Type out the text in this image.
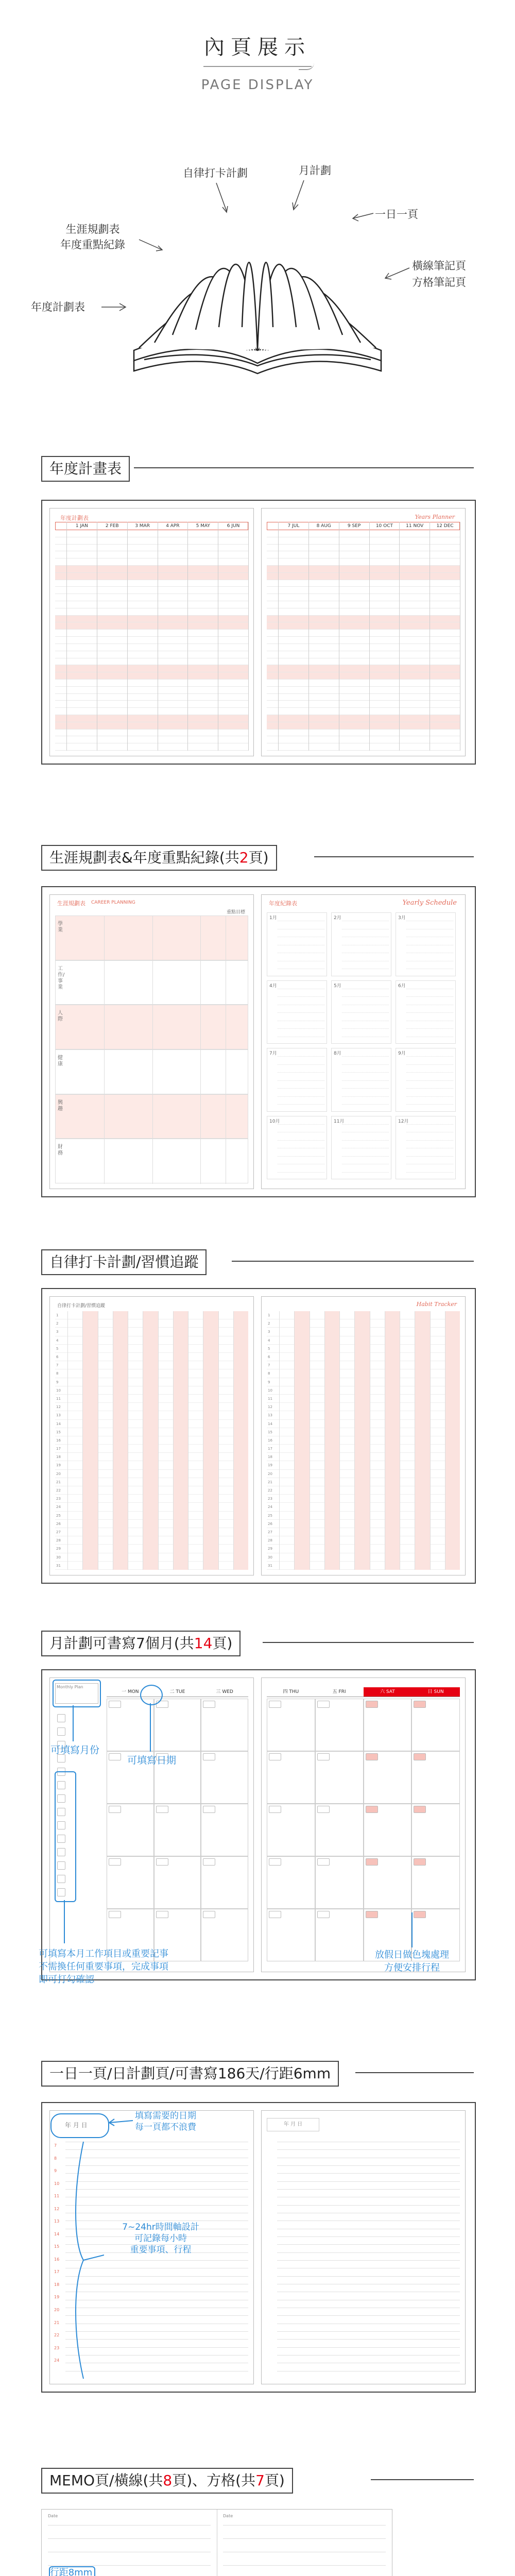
內頁展示
PAGE DISPLAY
自律打卡計劃	月計劃
生涯規劃表
年度重點紀錄
一日一頁
橫線筆記頁
方格筆記頁
年度計劃表
年度計畫表
年度計劃表
1 JAN	2 FEB	3 MAR	4 APR	5 MAY	6 JUN
Years Planner
7 JUL	8 AUG	9 SEP	10 OCT	11 NOV	12 DEC
生涯規劃表&年度重點紀錄(共2頁)
生涯規劃表 CAREER PLANNING
重點目標
學業
工作/事業
人際
健康
興趣
財務
年度紀錄表	Yearly Schedule
1月	2月	3月
4月	5月	6月
7月	8月	9月
10月	11月	12月
自律打卡計劃/習慣追蹤
自律打卡計劃/習慣追蹤
1
2
3
4
5
6
7
8
9
10
11
12
13
14
15
16
17
18
19
20
21
22
23
24
25
26
27
28
29
30
31
Habit Tracker
1
2
3
4
5
6
7
8
9
10
11
12
13
14
15
16
17
18
19
20
21
22
23
24
25
26
27
28
29
30
31
月計劃可書寫7個月(共14頁)
一 MON	二 TUE	三 WED
Monthly Plan
四 THU	五 FRI	六 SAT	日 SUN
可填寫月份
可填寫日期
可填寫本月工作項目或重要記事
不需換任何重要事項，完成事項
即可打勾確認
放假日做色塊處理
方便安排行程
一日一頁/日計劃頁/可書寫186天/行距6mm
7
8
9
10
11
12
13
14
15
16
17
18
19
20
21
22
23
24
年 月 日
年 月 日
填寫需要的日期
每一頁都不浪費
7~24hr時間軸設計
可記錄每小時
重要事項、行程
MEMO頁/橫線(共8頁)、方格(共7頁)
Date	Date
行距8mm
